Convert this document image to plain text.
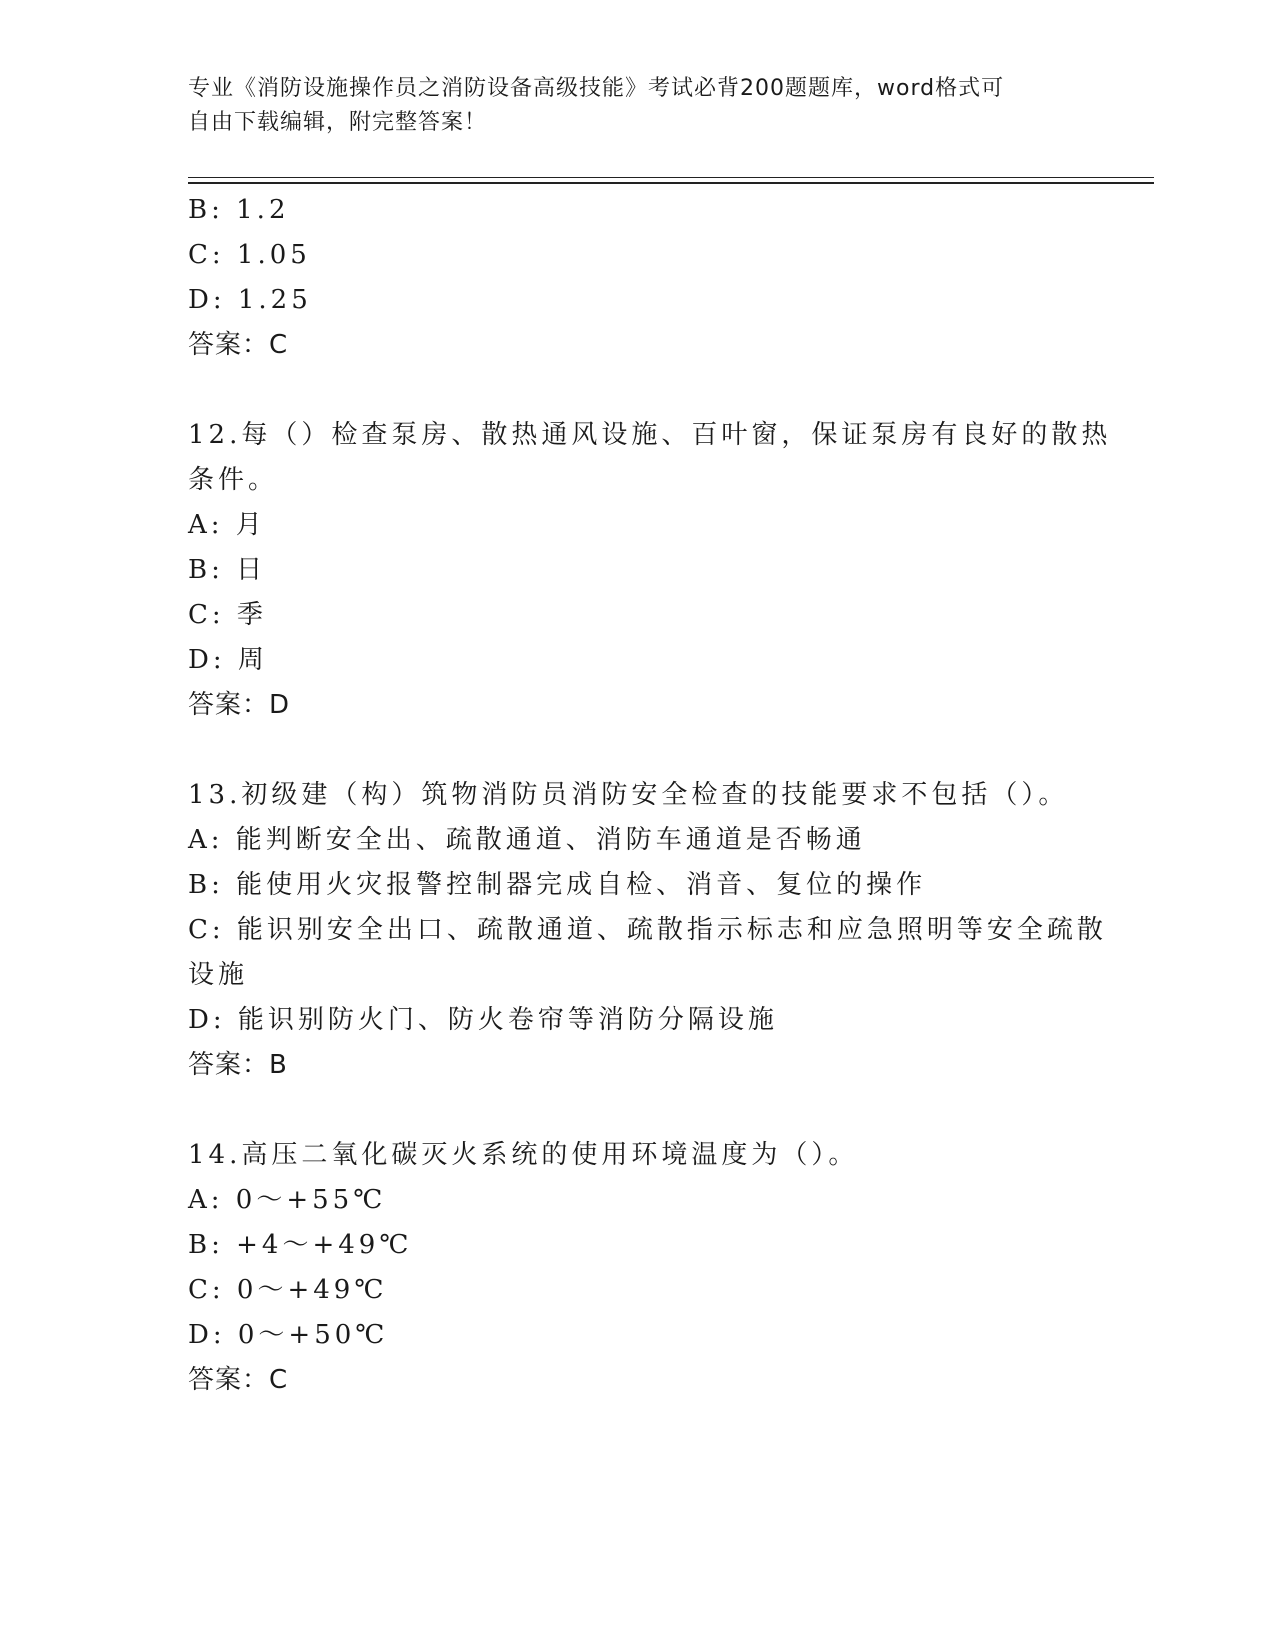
专业《消防设施操作员之消防设备高级技能》考试必背200题题库，word格式可
自由下载编辑，附完整答案！
B: 1.2
C: 1.05
D: 1.25
答案：C
12.每（）检查泵房、散热通风设施、百叶窗，保证泵房有良好的散热
条件。
A: 月
B: 日
C: 季
D: 周
答案：D
13.初级建（构）筑物消防员消防安全检查的技能要求不包括（）。
A: 能判断安全出、疏散通道、消防车通道是否畅通
B: 能使用火灾报警控制器完成自检、消音、复位的操作
C: 能识别安全出口、疏散通道、疏散指示标志和应急照明等安全疏散
设施
D: 能识别防火门、防火卷帘等消防分隔设施
答案：B
14.高压二氧化碳灭火系统的使用环境温度为（）。
A: 0～+55℃
B: +4～+49℃
C: 0～+49℃
D: 0～+50℃
答案：C
